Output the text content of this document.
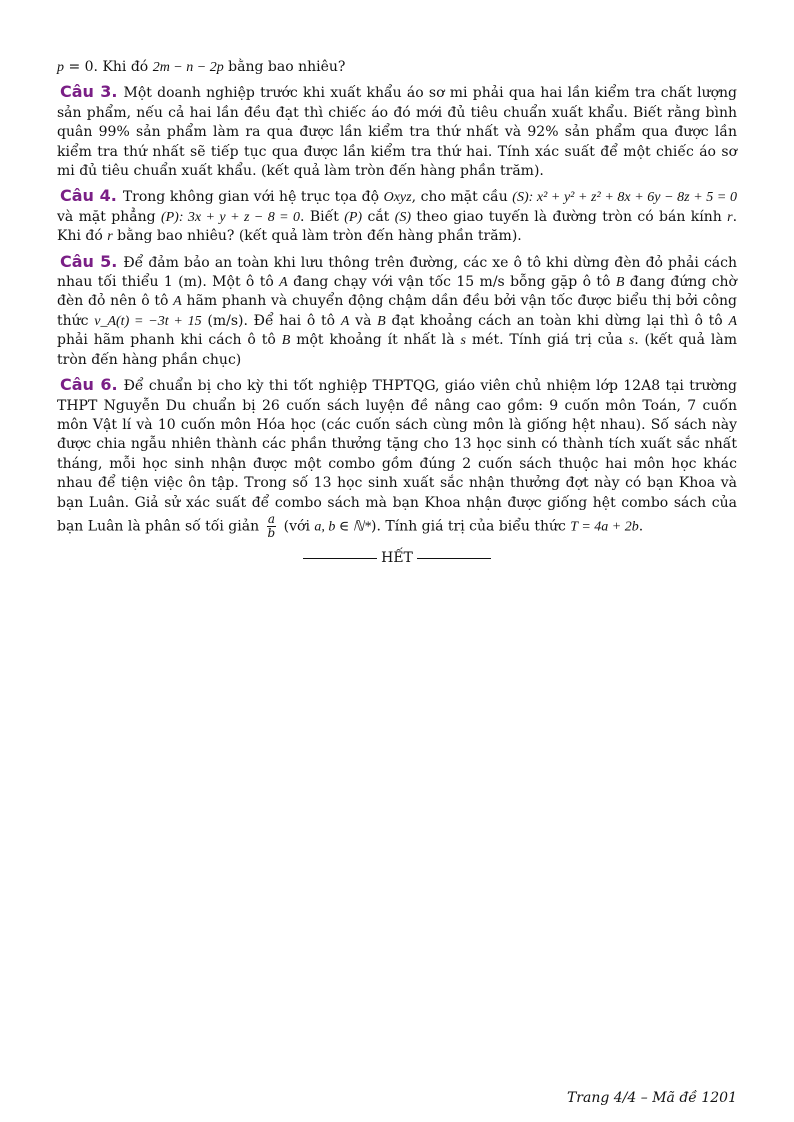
p = 0. Khi đó 2m − n − 2p bằng bao nhiêu?

Câu 3. Một doanh nghiệp trước khi xuất khẩu áo sơ mi phải qua hai lần kiểm tra chất lượng sản phẩm, nếu cả hai lần đều đạt thì chiếc áo đó mới đủ tiêu chuẩn xuất khẩu. Biết rằng bình quân 99% sản phẩm làm ra qua được lần kiểm tra thứ nhất và 92% sản phẩm qua được lần kiểm tra thứ nhất sẽ tiếp tục qua được lần kiểm tra thứ hai. Tính xác suất để một chiếc áo sơ mi đủ tiêu chuẩn xuất khẩu. (kết quả làm tròn đến hàng phần trăm).

Câu 4. Trong không gian với hệ trục tọa độ Oxyz, cho mặt cầu (S): x² + y² + z² + 8x + 6y − 8z + 5 = 0 và mặt phẳng (P): 3x + y + z − 8 = 0. Biết (P) cắt (S) theo giao tuyến là đường tròn có bán kính r. Khi đó r bằng bao nhiêu? (kết quả làm tròn đến hàng phần trăm).

Câu 5. Để đảm bảo an toàn khi lưu thông trên đường, các xe ô tô khi dừng đèn đỏ phải cách nhau tối thiểu 1 (m). Một ô tô A đang chạy với vận tốc 15 m/s bỗng gặp ô tô B đang đứng chờ đèn đỏ nên ô tô A hãm phanh và chuyển động chậm dần đều bởi vận tốc được biểu thị bởi công thức v_A(t) = −3t + 15 (m/s). Để hai ô tô A và B đạt khoảng cách an toàn khi dừng lại thì ô tô A phải hãm phanh khi cách ô tô B một khoảng ít nhất là s mét. Tính giá trị của s. (kết quả làm tròn đến hàng phần chục)

Câu 6. Để chuẩn bị cho kỳ thi tốt nghiệp THPTQG, giáo viên chủ nhiệm lớp 12A8 tại trường THPT Nguyễn Du chuẩn bị 26 cuốn sách luyện đề nâng cao gồm: 9 cuốn môn Toán, 7 cuốn môn Vật lí và 10 cuốn môn Hóa học (các cuốn sách cùng môn là giống hệt nhau). Số sách này được chia ngẫu nhiên thành các phần thưởng tặng cho 13 học sinh có thành tích xuất sắc nhất tháng, mỗi học sinh nhận được một combo gồm đúng 2 cuốn sách thuộc hai môn học khác nhau để tiện việc ôn tập. Trong số 13 học sinh xuất sắc nhận thưởng đợt này có bạn Khoa và bạn Luân. Giả sử xác suất để combo sách mà bạn Khoa nhận được giống hệt combo sách của bạn Luân là phân số tối giản $\frac{a}{b}$ (với a, b ∈ ℕ*). Tính giá trị của biểu thức T = 4a + 2b.

HẾT
Trang 4/4 – Mã đề 1201
